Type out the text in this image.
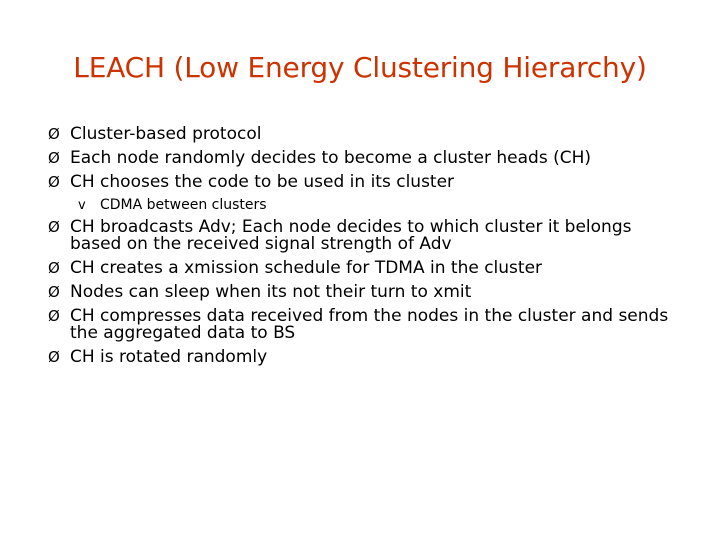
LEACH (Low Energy Clustering Hierarchy)
Ø Cluster-based protocol
Ø Each node randomly decides to become a cluster heads (CH)
Ø CH chooses the code to be used in its cluster
v CDMA between clusters
Ø CH broadcasts Adv; Each node decides to which cluster it belongs based on the received signal strength of Adv
Ø CH creates a xmission schedule for TDMA in the cluster
Ø Nodes can sleep when its not their turn to xmit
Ø CH compresses data received from the nodes in the cluster and sends the aggregated data to BS
Ø CH is rotated randomly
